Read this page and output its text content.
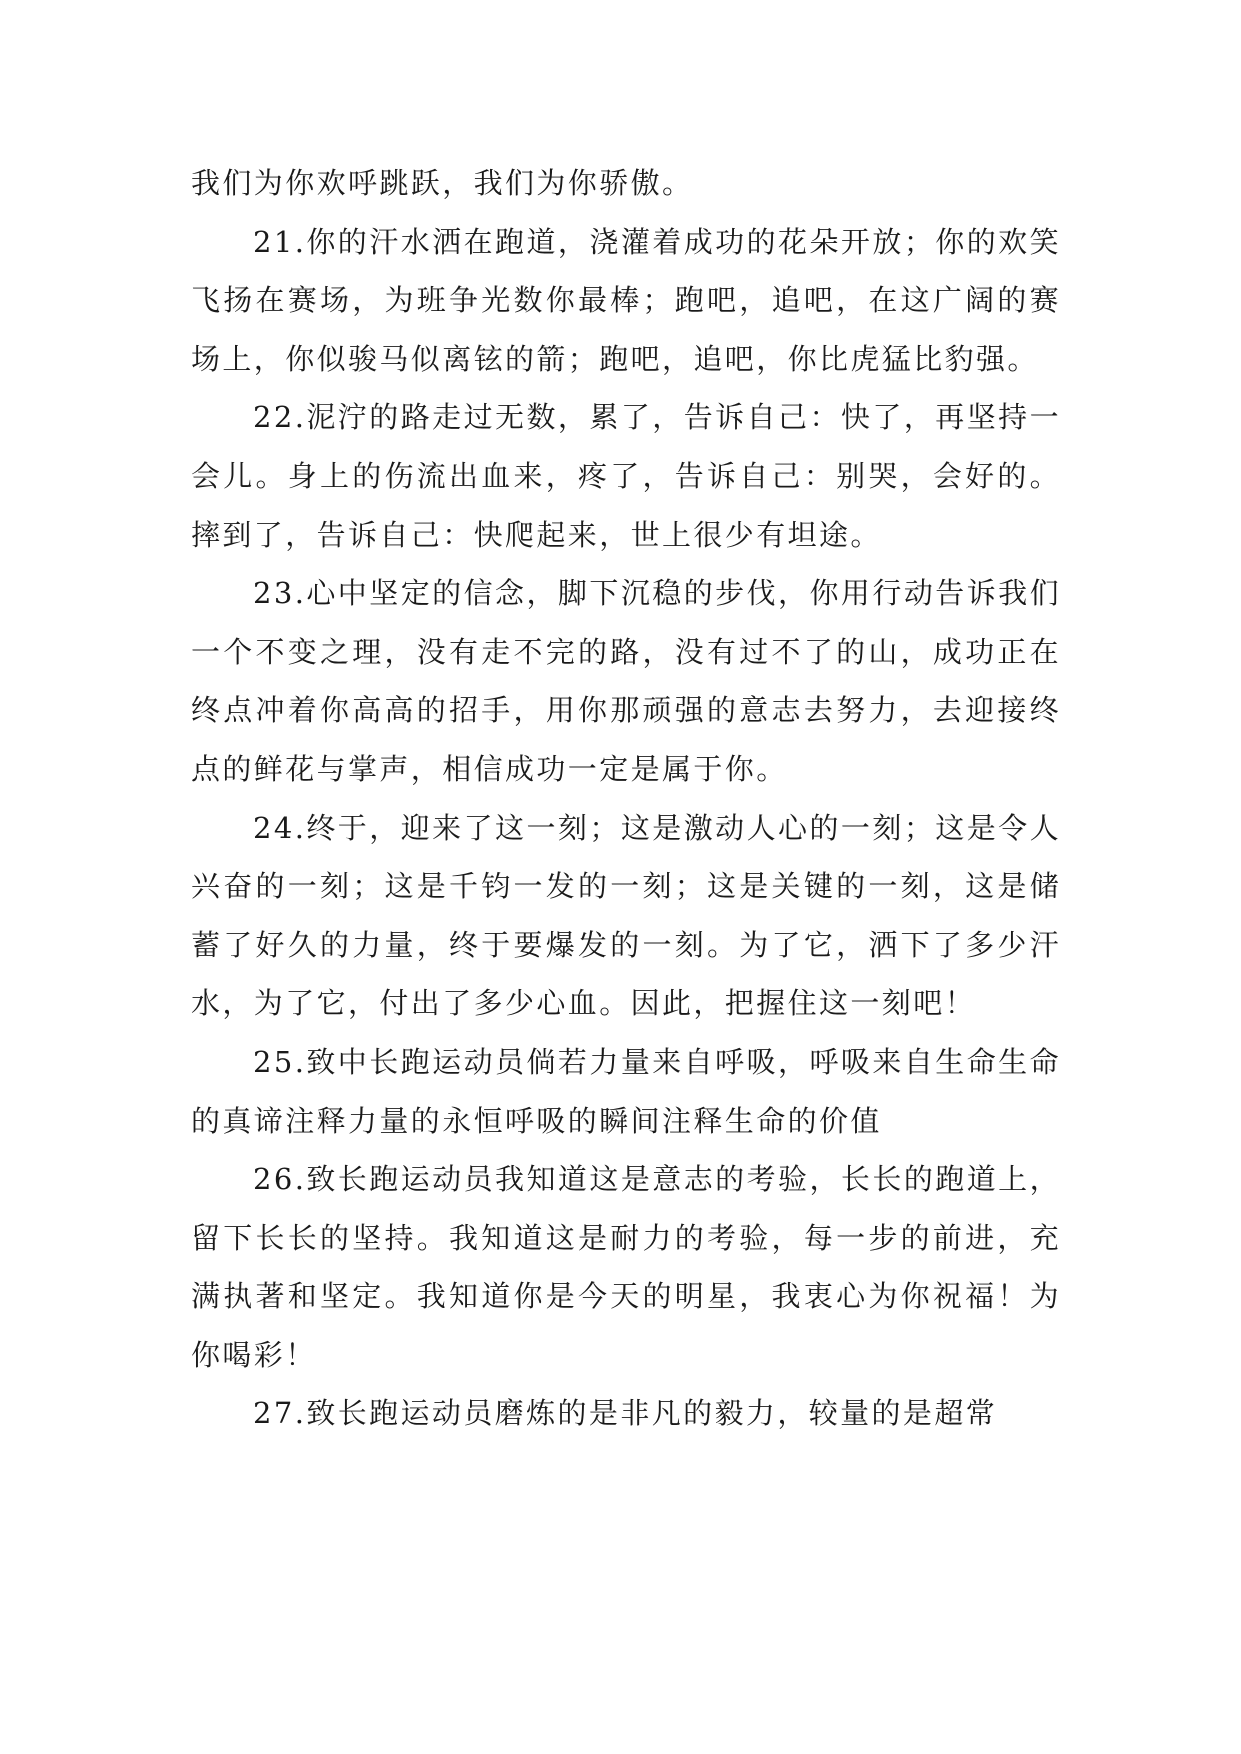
我们为你欢呼跳跃，我们为你骄傲。

21.你的汗水洒在跑道，浇灌着成功的花朵开放；你的欢笑飞扬在赛场，为班争光数你最棒；跑吧，追吧，在这广阔的赛场上，你似骏马似离铉的箭；跑吧，追吧，你比虎猛比豹强。

22.泥泞的路走过无数，累了，告诉自己：快了，再坚持一会儿。身上的伤流出血来，疼了，告诉自己：别哭，会好的。摔到了，告诉自己：快爬起来，世上很少有坦途。

23.心中坚定的信念，脚下沉稳的步伐，你用行动告诉我们一个不变之理，没有走不完的路，没有过不了的山，成功正在终点冲着你高高的招手，用你那顽强的意志去努力，去迎接终点的鲜花与掌声，相信成功一定是属于你。

24.终于，迎来了这一刻；这是激动人心的一刻；这是令人兴奋的一刻；这是千钧一发的一刻；这是关键的一刻，这是储蓄了好久的力量，终于要爆发的一刻。为了它，洒下了多少汗水，为了它，付出了多少心血。因此，把握住这一刻吧！

25.致中长跑运动员倘若力量来自呼吸，呼吸来自生命生命的真谛注释力量的永恒呼吸的瞬间注释生命的价值

26.致长跑运动员我知道这是意志的考验，长长的跑道上，留下长长的坚持。我知道这是耐力的考验，每一步的前进，充满执著和坚定。我知道你是今天的明星，我衷心为你祝福！为你喝彩！

27.致长跑运动员磨炼的是非凡的毅力，较量的是超常
